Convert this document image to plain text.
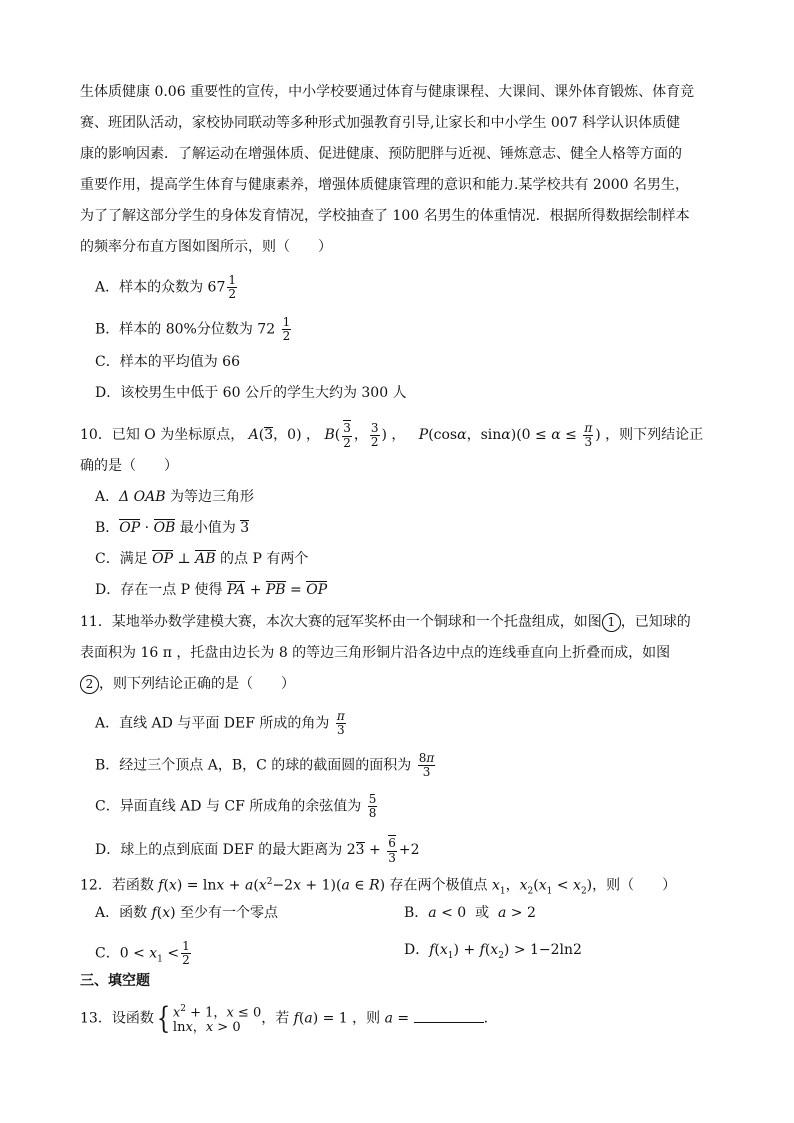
生体质健康 0.06 重要性的宣传，中小学校要通过体育与健康课程、大课间、课外体育锻炼、体育竞
赛、班团队活动，家校协同联动等多种形式加强教育引导,让家长和中小学生 007 科学认识体质健
康的影响因素．了解运动在增强体质、促进健康、预防肥胖与近视、锤炼意志、健全人格等方面的
重要作用，提高学生体育与健康素养，增强体质健康管理的意识和能力.某学校共有 2000 名男生，
为了了解这部分学生的身体发育情况，学校抽查了 100 名男生的体重情况．根据所得数据绘制样本
的频率分布直方图如图所示，则（　　）
A．样本的众数为 $67 \frac{1}{2}$
B．样本的 80%分位数为 $72 \frac{1}{2}$
C．样本的平均值为 66
D．该校男生中低于 60 公斤的学生大约为 300 人
10．已知 O 为坐标原点， A(3，0) ， $B( \frac{3}{2}$ ， $\frac{3}{2}$ ) ，   P(cosα，$\sin\alpha)(0 \le \alpha \le \frac{\pi}{3}$ ) ，则下列结论正
确的是（　　）
A．Δ OAB 为等边三角形
B．OP · OB 最小值为 3
C．满足 OP ⊥ AB 的点 P 有两个
D．存在一点 P 使得 PA + PB = OP
11．某地举办数学建模大赛，本次大赛的冠军奖杯由一个铜球和一个托盘组成，如图 1 ，已知球的
表面积为 16 π ，托盘由边长为 8 的等边三角形铜片沿各边中点的连线垂直向上折叠而成，如图
2 ，则下列结论正确的是（　　）
A．直线 AD 与平面 DEF 所成的角为 $\frac{\pi}{3}$
B．经过三个顶点 A，B，C 的球的截面圆的面积为 $\frac{8\pi}{3}$
C．异面直线 AD 与 CF 所成角的余弦值为 $\frac{5}{8}$
D．球上的点到底面 DEF 的最大距离为 $23 + \frac{6}{3} +2$
12．若函数 $f(x) = \ln x + a(x^2-2x + 1)(a$ ∈ R) 存在两个极值点 $x_1$，$x_2(x_1 < x_2)$，则（　　）
A．函数 f(x) 至少有一个零点	B．a < 0  或  a > 2
C．$0 < x_1 < \frac{1}{2}$	D．$f(x_1) + f(x_2) > 1-2\ln 2$
三、填空题
13．设函数{ $x^2 + 1$，x ≤ 0
lnx，x > 0，若 f(a) = 1 ，则 a =	.
